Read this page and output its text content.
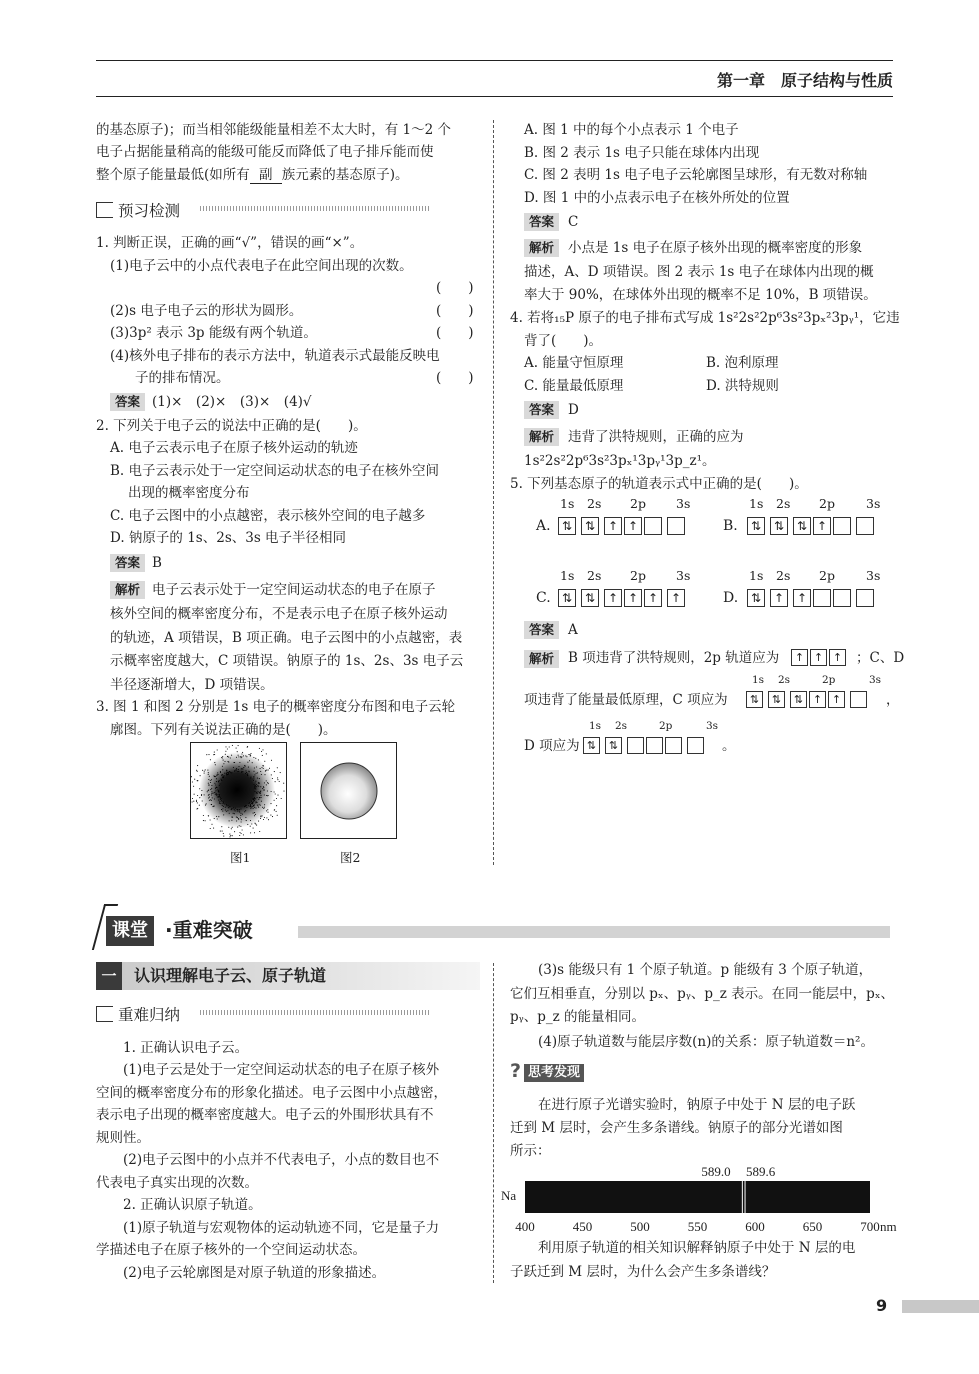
第一章　原子结构与性质
的基态原子)；而当相邻能级能量相差不太大时，有 1～2 个
电子占据能量稍高的能级可能反而降低了电子排斥能而使
整个原子能量最低(如所有 副 族元素的基态原子)。
预习检测
1. 判断正误，正确的画“√”，错误的画“×”。
(1)电子云中的小点代表电子在此空间出现的次数。
(　　)
(2)s 电子电子云的形状为圆形。	(　　)
(3)3p² 表示 3p 能级有两个轨道。	(　　)
(4)核外电子排布的表示方法中，轨道表示式最能反映电
子的排布情况。	(　　)
答案 (1)×　(2)×　(3)×　(4)√
2. 下列关于电子云的说法中正确的是(　　)。
A. 电子云表示电子在原子核外运动的轨迹
B. 电子云表示处于一定空间运动状态的电子在核外空间
出现的概率密度分布
C. 电子云图中的小点越密，表示核外空间的电子越多
D. 钠原子的 1s、2s、3s 电子半径相同
答案 B
解析 电子云表示处于一定空间运动状态的电子在原子
核外空间的概率密度分布，不是表示电子在原子核外运动
的轨迹，A 项错误，B 项正确。电子云图中的小点越密，表
示概率密度越大，C 项错误。钠原子的 1s、2s、3s 电子云
半径逐渐增大，D 项错误。
3. 图 1 和图 2 分别是 1s 电子的概率密度分布图和电子云轮
廓图。下列有关说法正确的是(　　)。
图1	图2
A. 图 1 中的每个小点表示 1 个电子
B. 图 2 表示 1s 电子只能在球体内出现
C. 图 2 表明 1s 电子电子云轮廓图呈球形，有无数对称轴
D. 图 1 中的小点表示电子在核外所处的位置
答案	C
解析	小点是 1s 电子在原子核外出现的概率密度的形象
描述，A、D 项错误。图 2 表示 1s 电子在球体内出现的概
率大于 90%，在球体外出现的概率不足 10%，B 项错误。
4. 若将₁₅P 原子的电子排布式写成 1s²2s²2p⁶3s²3pₓ²3pᵧ¹，它违
背了(　　)。
A. 能量守恒原理	B. 泡利原理
C. 能量最低原理	D. 洪特规则
答案	D
解析	违背了洪特规则，正确的应为
1s²2s²2p⁶3s²3pₓ¹3pᵧ¹3p_z¹。
5. 下列基态原子的轨道表示式中正确的是(　　)。
1s 2s 2p 3s
A. ⇅ ⇅ ↑ ↑
1s 2s 2p 3s
B.	⇅ ⇅ ⇅ ↑
1s 2s 2p 3s
C. ⇅ ⇅ ↑ ↑ ↑ ↑
1s 2s 2p 3s
D.	⇅ ↑ ↑
答案	A
解析	B 项违背了洪特规则，2p 轨道应为	↑ ↑ ↑ ；C、D
1s 2s	2p	3s
项违背了能量最低原理，C 项应为	⇅ ⇅ ⇅ ↑ ↑	，
1s 2s	2p	3s
D 项应为 ⇅ ⇅	。
课堂 ·重难突破
一	认识理解电子云、原子轨道
重难归纳
1. 正确认识电子云。
(1)电子云是处于一定空间运动状态的电子在原子核外
空间的概率密度分布的形象化描述。电子云图中小点越密，
表示电子出现的概率密度越大。电子云的外围形状具有不
规则性。
(2)电子云图中的小点并不代表电子，小点的数目也不
代表电子真实出现的次数。
2. 正确认识原子轨道。
(1)原子轨道与宏观物体的运动轨迹不同，它是量子力
学描述电子在原子核外的一个空间运动状态。
(2)电子云轮廓图是对原子轨道的形象描述。
(3)s 能级只有 1 个原子轨道。p 能级有 3 个原子轨道，
它们互相垂直，分别以 pₓ、pᵧ、p_z 表示。在同一能层中，pₓ、
pᵧ、p_z 的能量相同。
(4)原子轨道数与能层序数(n)的关系：原子轨道数＝n²。
? 思考发现
在进行原子光谱实验时，钠原子中处于 N 层的电子跃
迁到 M 层时，会产生多条谱线。钠原子的部分光谱如图
所示：
589.0 589.6
Na
400	450	500	550	600	650	700 nm
利用原子轨道的相关知识解释钠原子中处于 N 层的电
子跃迁到 M 层时，为什么会产生多条谱线？
9
